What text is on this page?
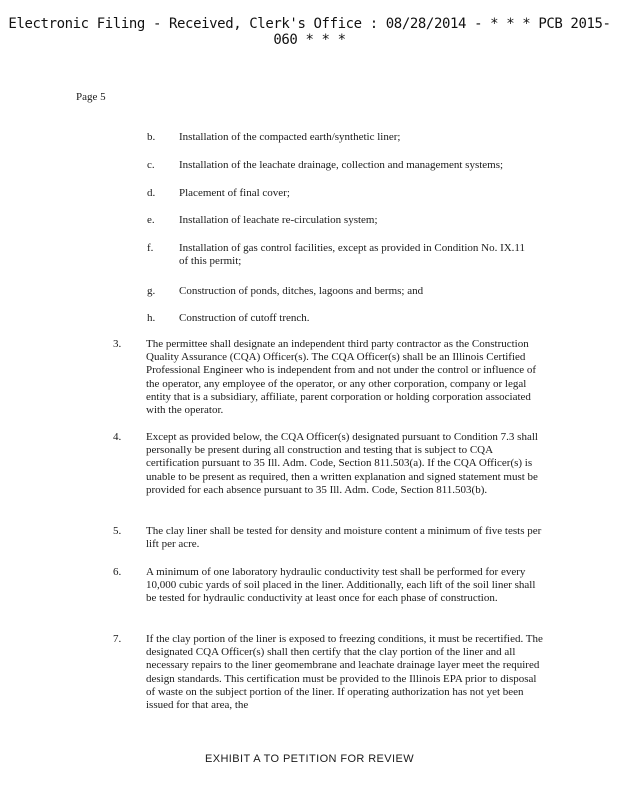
Electronic Filing - Received, Clerk's Office : 08/28/2014 - * * * PCB 2015-060 * * *
Page 5
b. Installation of the compacted earth/synthetic liner;
c. Installation of the leachate drainage, collection and management systems;
d. Placement of final cover;
e. Installation of leachate re-circulation system;
f. Installation of gas control facilities, except as provided in Condition No. IX.11 of this permit;
g. Construction of ponds, ditches, lagoons and berms; and
h. Construction of cutoff trench.
3. The permittee shall designate an independent third party contractor as the Construction Quality Assurance (CQA) Officer(s). The CQA Officer(s) shall be an Illinois Certified Professional Engineer who is independent from and not under the control or influence of the operator, any employee of the operator, or any other corporation, company or legal entity that is a subsidiary, affiliate, parent corporation or holding corporation associated with the operator.
4. Except as provided below, the CQA Officer(s) designated pursuant to Condition 7.3 shall personally be present during all construction and testing that is subject to CQA certification pursuant to 35 Ill. Adm. Code, Section 811.503(a). If the CQA Officer(s) is unable to be present as required, then a written explanation and signed statement must be provided for each absence pursuant to 35 Ill. Adm. Code, Section 811.503(b).
5. The clay liner shall be tested for density and moisture content a minimum of five tests per lift per acre.
6. A minimum of one laboratory hydraulic conductivity test shall be performed for every 10,000 cubic yards of soil placed in the liner. Additionally, each lift of the soil liner shall be tested for hydraulic conductivity at least once for each phase of construction.
7. If the clay portion of the liner is exposed to freezing conditions, it must be recertified. The designated CQA Officer(s) shall then certify that the clay portion of the liner and all necessary repairs to the liner geomembrane and leachate drainage layer meet the required design standards. This certification must be provided to the Illinois EPA prior to disposal of waste on the subject portion of the liner. If operating authorization has not yet been issued for that area, the
EXHIBIT A TO PETITION FOR REVIEW
